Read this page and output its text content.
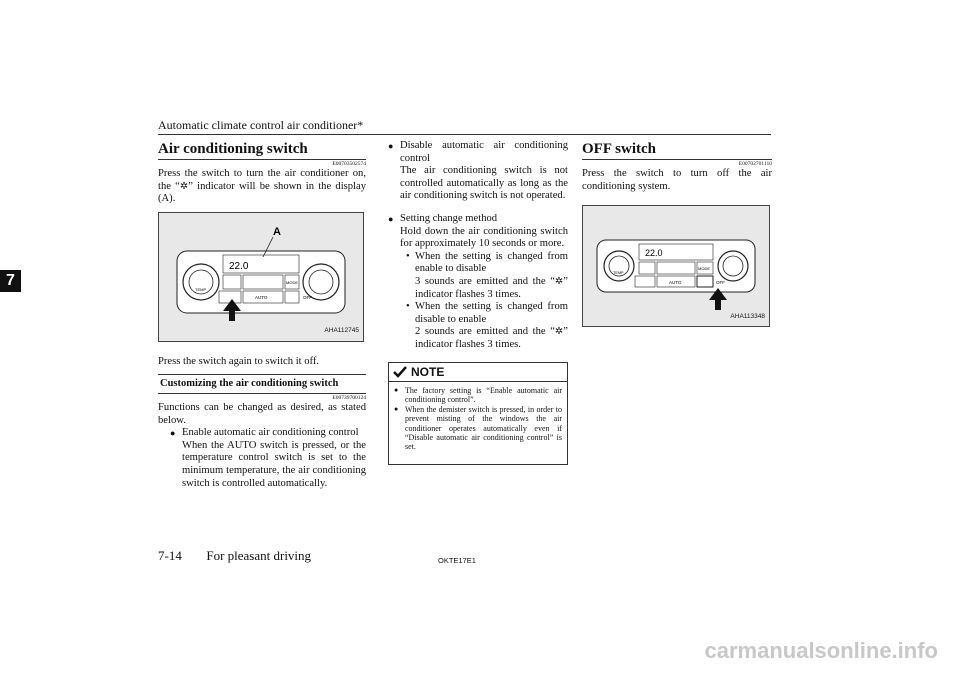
Automatic climate control air conditioner*
7
Air conditioning switch
E00703502574

Press the switch to turn the air conditioner on, the “✲” indicator will be shown in the display (A).

22.0
MODE
AUTO	OFF
TEMP
A
AHA112745

Press the switch again to switch it off.

Customizing the air conditioning switch
E00739700124

Functions can be changed as desired, as stated below.

● Enable automatic air conditioning control
When the AUTO switch is pressed, or the temperature control switch is set to the minimum temperature, the air conditioning switch is controlled automatically.
● Disable automatic air conditioning control
The air conditioning switch is not controlled automatically as long as the air conditioning switch is not operated.
● Setting change method
Hold down the air conditioning switch for approximately 10 seconds or more.
• When the setting is changed from enable to disable
3 sounds are emitted and the “✲” indicator flashes 3 times.
• When the setting is changed from disable to enable
2 sounds are emitted and the “✲” indicator flashes 3 times.
NOTE
● The factory setting is “Enable automatic air conditioning control”.
● When the demister switch is pressed, in order to prevent misting of the windows the air conditioner operates automatically even if “Disable automatic air conditioning control” is set.
OFF switch
E00702701110

Press the switch to turn off the air conditioning system.

22.0
MODE
AUTO	OFF
TEMP
AHA113348
7-14 For pleasant driving	OKTE17E1
carmanualsonline.info
